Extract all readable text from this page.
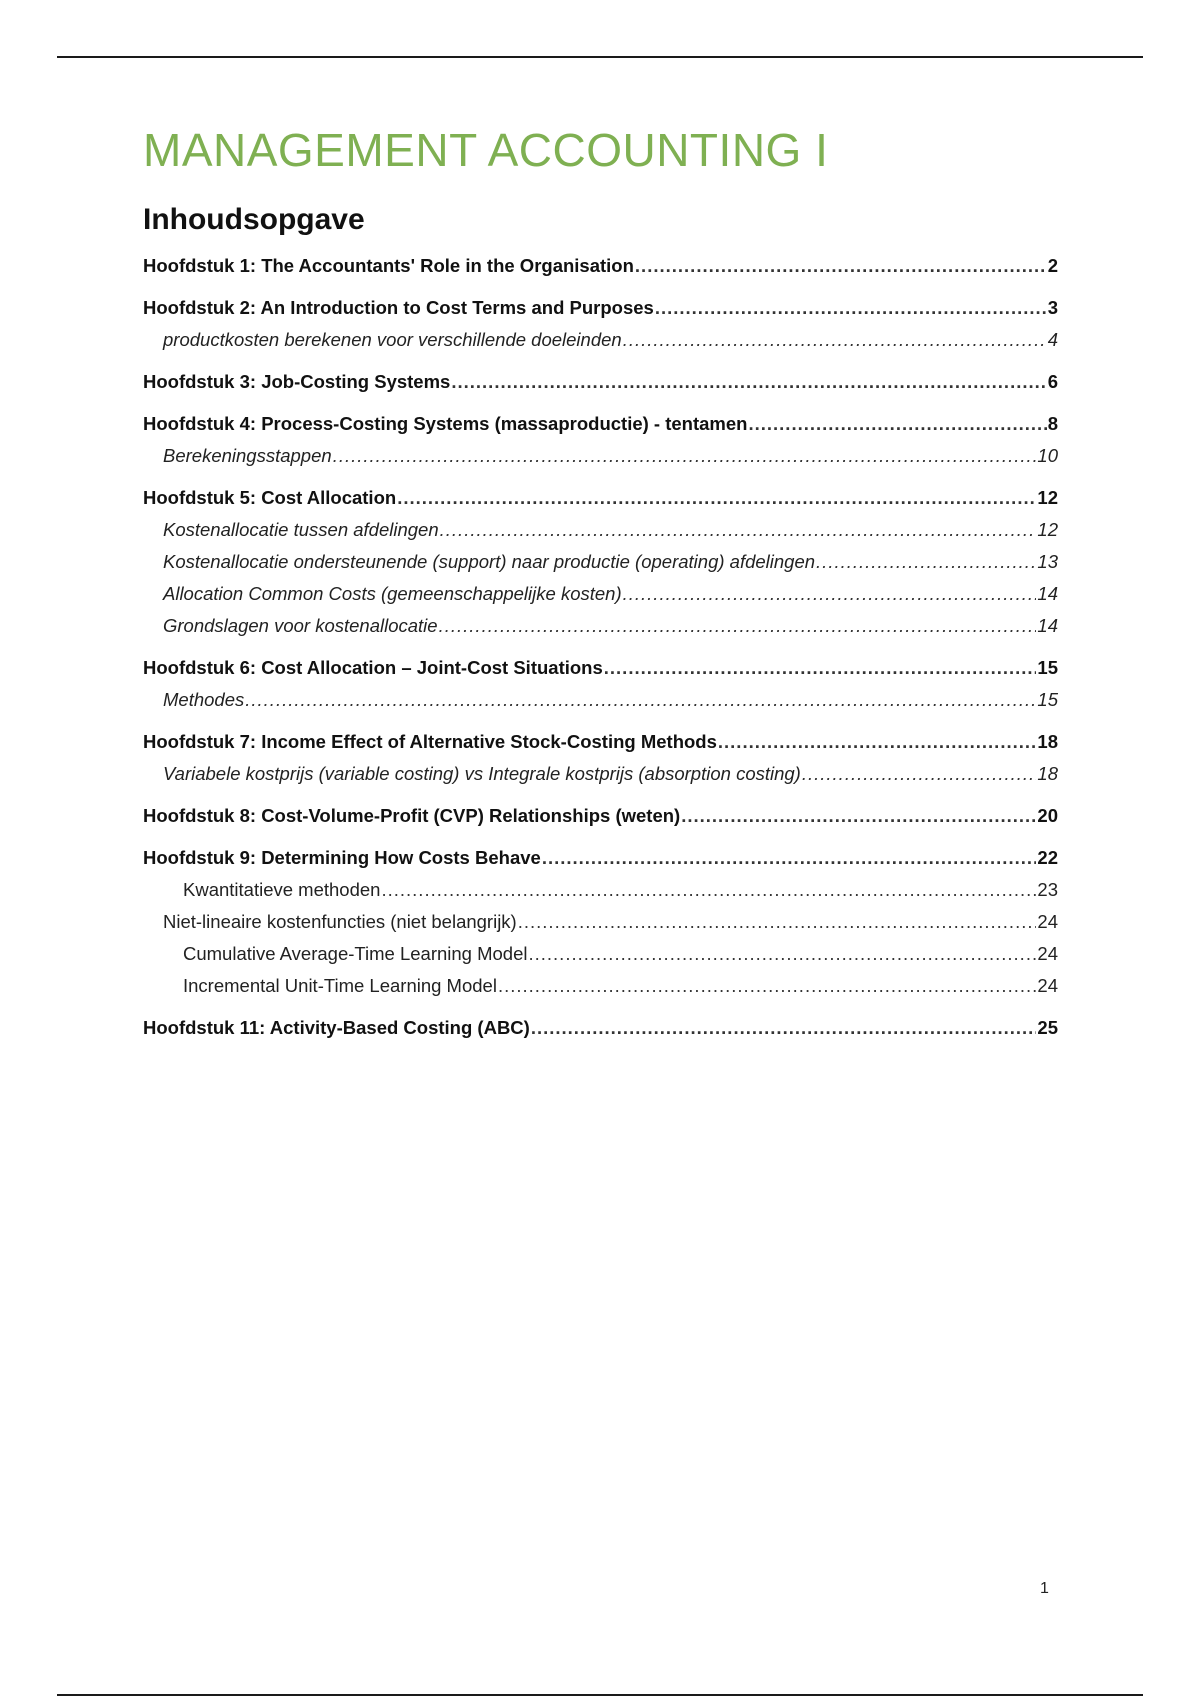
MANAGEMENT ACCOUNTING I
Inhoudsopgave
Hoofdstuk 1: The Accountants' Role in the Organisation .....	2
Hoofdstuk 2: An Introduction to Cost Terms and Purposes .....	3
productkosten berekenen voor verschillende doeleinden .....	4
Hoofdstuk 3: Job-Costing Systems .....	6
Hoofdstuk 4: Process-Costing Systems (massaproductie) - tentamen .....	8
Berekeningsstappen .....	10
Hoofdstuk 5: Cost Allocation .....	12
Kostenallocatie tussen afdelingen .....	12
Kostenallocatie ondersteunende (support) naar productie (operating) afdelingen .....	13
Allocation Common Costs (gemeenschappelijke kosten) .....	14
Grondslagen voor kostenallocatie .....	14
Hoofdstuk 6: Cost Allocation – Joint-Cost Situations .....	15
Methodes .....	15
Hoofdstuk 7: Income Effect of Alternative Stock-Costing Methods .....	18
Variabele kostprijs (variable costing) vs Integrale kostprijs (absorption costing) .....	18
Hoofdstuk 8: Cost-Volume-Profit (CVP) Relationships (weten) .....	20
Hoofdstuk 9: Determining How Costs Behave .....	22
Kwantitatieve methoden .....	23
Niet-lineaire kostenfuncties (niet belangrijk) .....	24
Cumulative Average-Time Learning Model .....	24
Incremental Unit-Time Learning Model .....	24
Hoofdstuk 11: Activity-Based Costing (ABC) .....	25
1
